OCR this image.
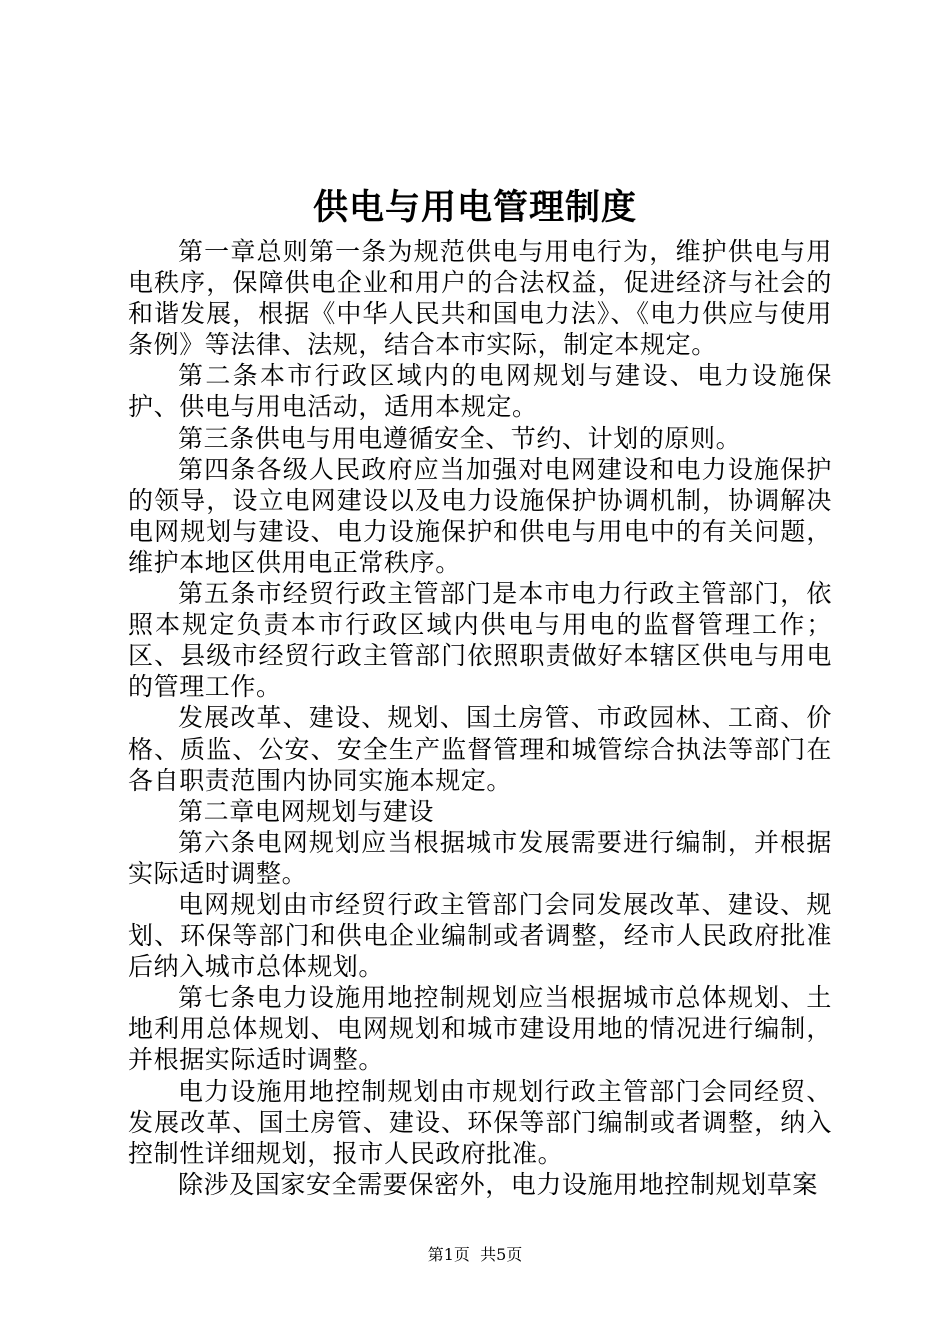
供电与用电管理制度

第一章总则第一条为规范供电与用电行为，维护供电与用电秩序，保障供电企业和用户的合法权益，促进经济与社会的和谐发展，根据《中华人民共和国电力法》、《电力供应与使用条例》等法律、法规，结合本市实际，制定本规定。

第二条本市行政区域内的电网规划与建设、电力设施保护、供电与用电活动，适用本规定。

第三条供电与用电遵循安全、节约、计划的原则。

第四条各级人民政府应当加强对电网建设和电力设施保护的领导，设立电网建设以及电力设施保护协调机制，协调解决电网规划与建设、电力设施保护和供电与用电中的有关问题，维护本地区供用电正常秩序。

第五条市经贸行政主管部门是本市电力行政主管部门，依照本规定负责本市行政区域内供电与用电的监督管理工作；区、县级市经贸行政主管部门依照职责做好本辖区供电与用电的管理工作。

发展改革、建设、规划、国土房管、市政园林、工商、价格、质监、公安、安全生产监督管理和城管综合执法等部门在各自职责范围内协同实施本规定。

第二章电网规划与建设

第六条电网规划应当根据城市发展需要进行编制，并根据实际适时调整。

电网规划由市经贸行政主管部门会同发展改革、建设、规划、环保等部门和供电企业编制或者调整，经市人民政府批准后纳入城市总体规划。

第七条电力设施用地控制规划应当根据城市总体规划、土地利用总体规划、电网规划和城市建设用地的情况进行编制，并根据实际适时调整。

电力设施用地控制规划由市规划行政主管部门会同经贸、发展改革、国土房管、建设、环保等部门编制或者调整，纳入控制性详细规划，报市人民政府批准。

除涉及国家安全需要保密外，电力设施用地控制规划草案

第1页 共5页
